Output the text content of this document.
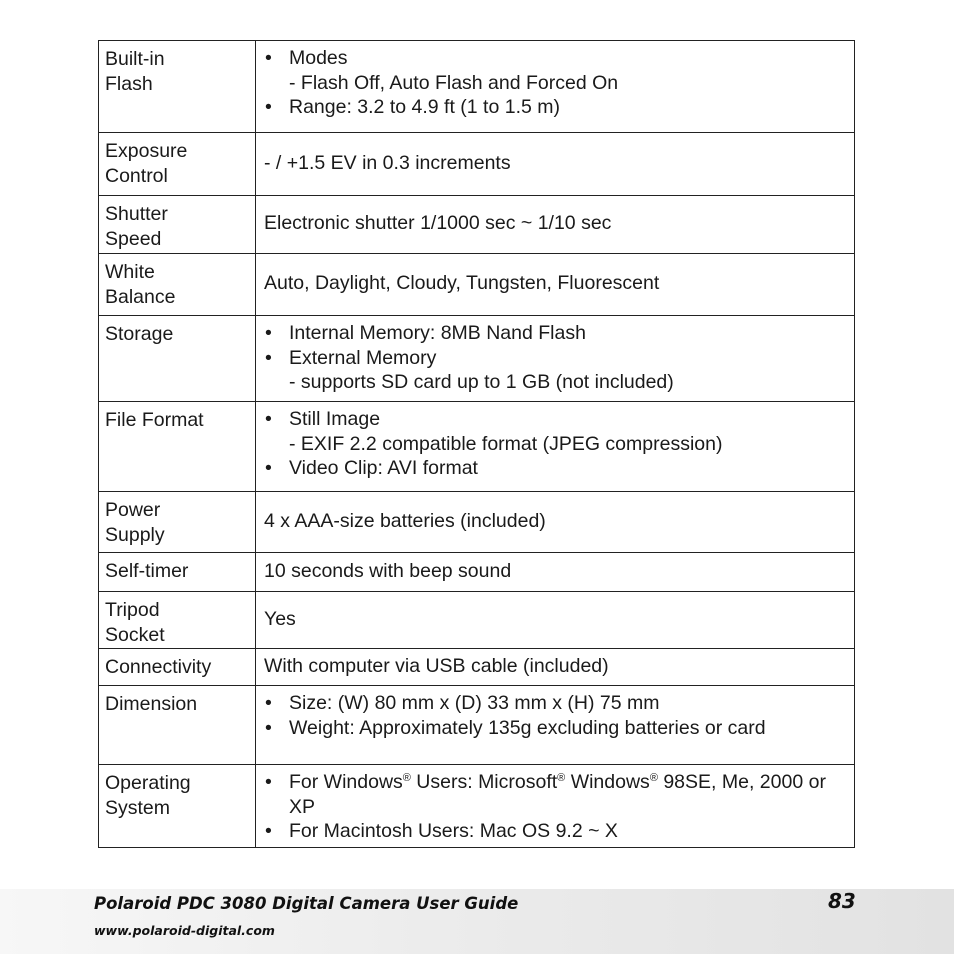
Built-in Flash	• Modes
- Flash Off, Auto Flash and Forced On
• Range: 3.2 to 4.9 ft (1 to 1.5 m)

Exposure Control	- / +1.5 EV in 0.3 increments

Shutter Speed	Electronic shutter 1/1000 sec ~ 1/10 sec

White Balance	Auto, Daylight, Cloudy, Tungsten, Fluorescent

Storage	• Internal Memory: 8MB Nand Flash
• External Memory
- supports SD card up to 1 GB (not included)

File Format	• Still Image
- EXIF 2.2 compatible format (JPEG compression)
• Video Clip: AVI format

Power Supply	4 x AAA-size batteries (included)

Self-timer	10 seconds with beep sound

Tripod Socket	Yes

Connectivity	With computer via USB cable (included)

Dimension	• Size: (W) 80 mm x (D) 33 mm x (H) 75 mm
• Weight: Approximately 135g excluding batteries or card

Operating System	• For Windows® Users: Microsoft® Windows® 98SE, Me, 2000 or XP
• For Macintosh Users: Mac OS 9.2 ~ X
Polaroid PDC 3080 Digital Camera User Guide
www.polaroid-digital.com
83
